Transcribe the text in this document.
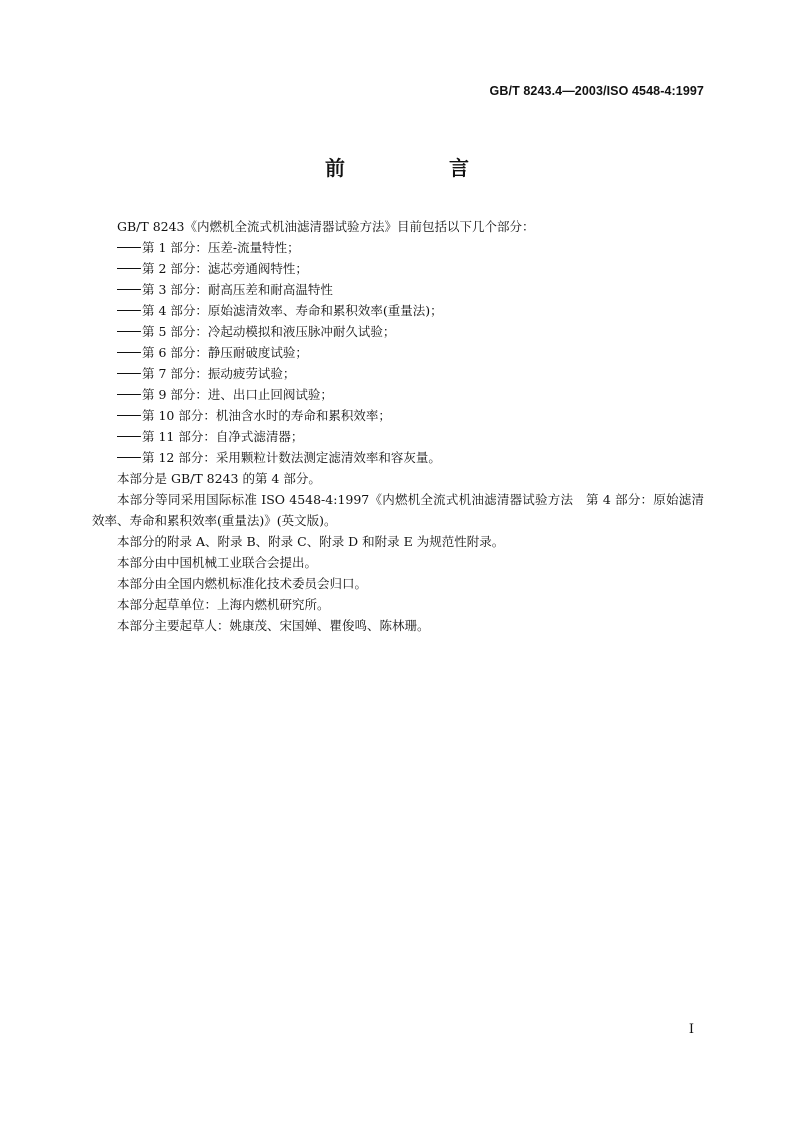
GB/T 8243.4—2003/ISO 4548-4:1997
前　言

GB/T 8243《内燃机全流式机油滤清器试验方法》目前包括以下几个部分：

第 1 部分：压差-流量特性；

第 2 部分：滤芯旁通阀特性；

第 3 部分：耐高压差和耐高温特性

第 4 部分：原始滤清效率、寿命和累积效率(重量法)；

第 5 部分：冷起动模拟和液压脉冲耐久试验；

第 6 部分：静压耐破度试验；

第 7 部分：振动疲劳试验；

第 9 部分：进、出口止回阀试验；

第 10 部分：机油含水时的寿命和累积效率；

第 11 部分：自净式滤清器；

第 12 部分：采用颗粒计数法测定滤清效率和容灰量。

本部分是 GB/T 8243 的第 4 部分。

本部分等同采用国际标准 ISO 4548-4:1997《内燃机全流式机油滤清器试验方法　第 4 部分：原始滤清效率、寿命和累积效率(重量法)》(英文版)。

本部分的附录 A、附录 B、附录 C、附录 D 和附录 E 为规范性附录。

本部分由中国机械工业联合会提出。

本部分由全国内燃机标准化技术委员会归口。

本部分起草单位：上海内燃机研究所。

本部分主要起草人：姚康茂、宋国婵、瞿俊鸣、陈林珊。

I
